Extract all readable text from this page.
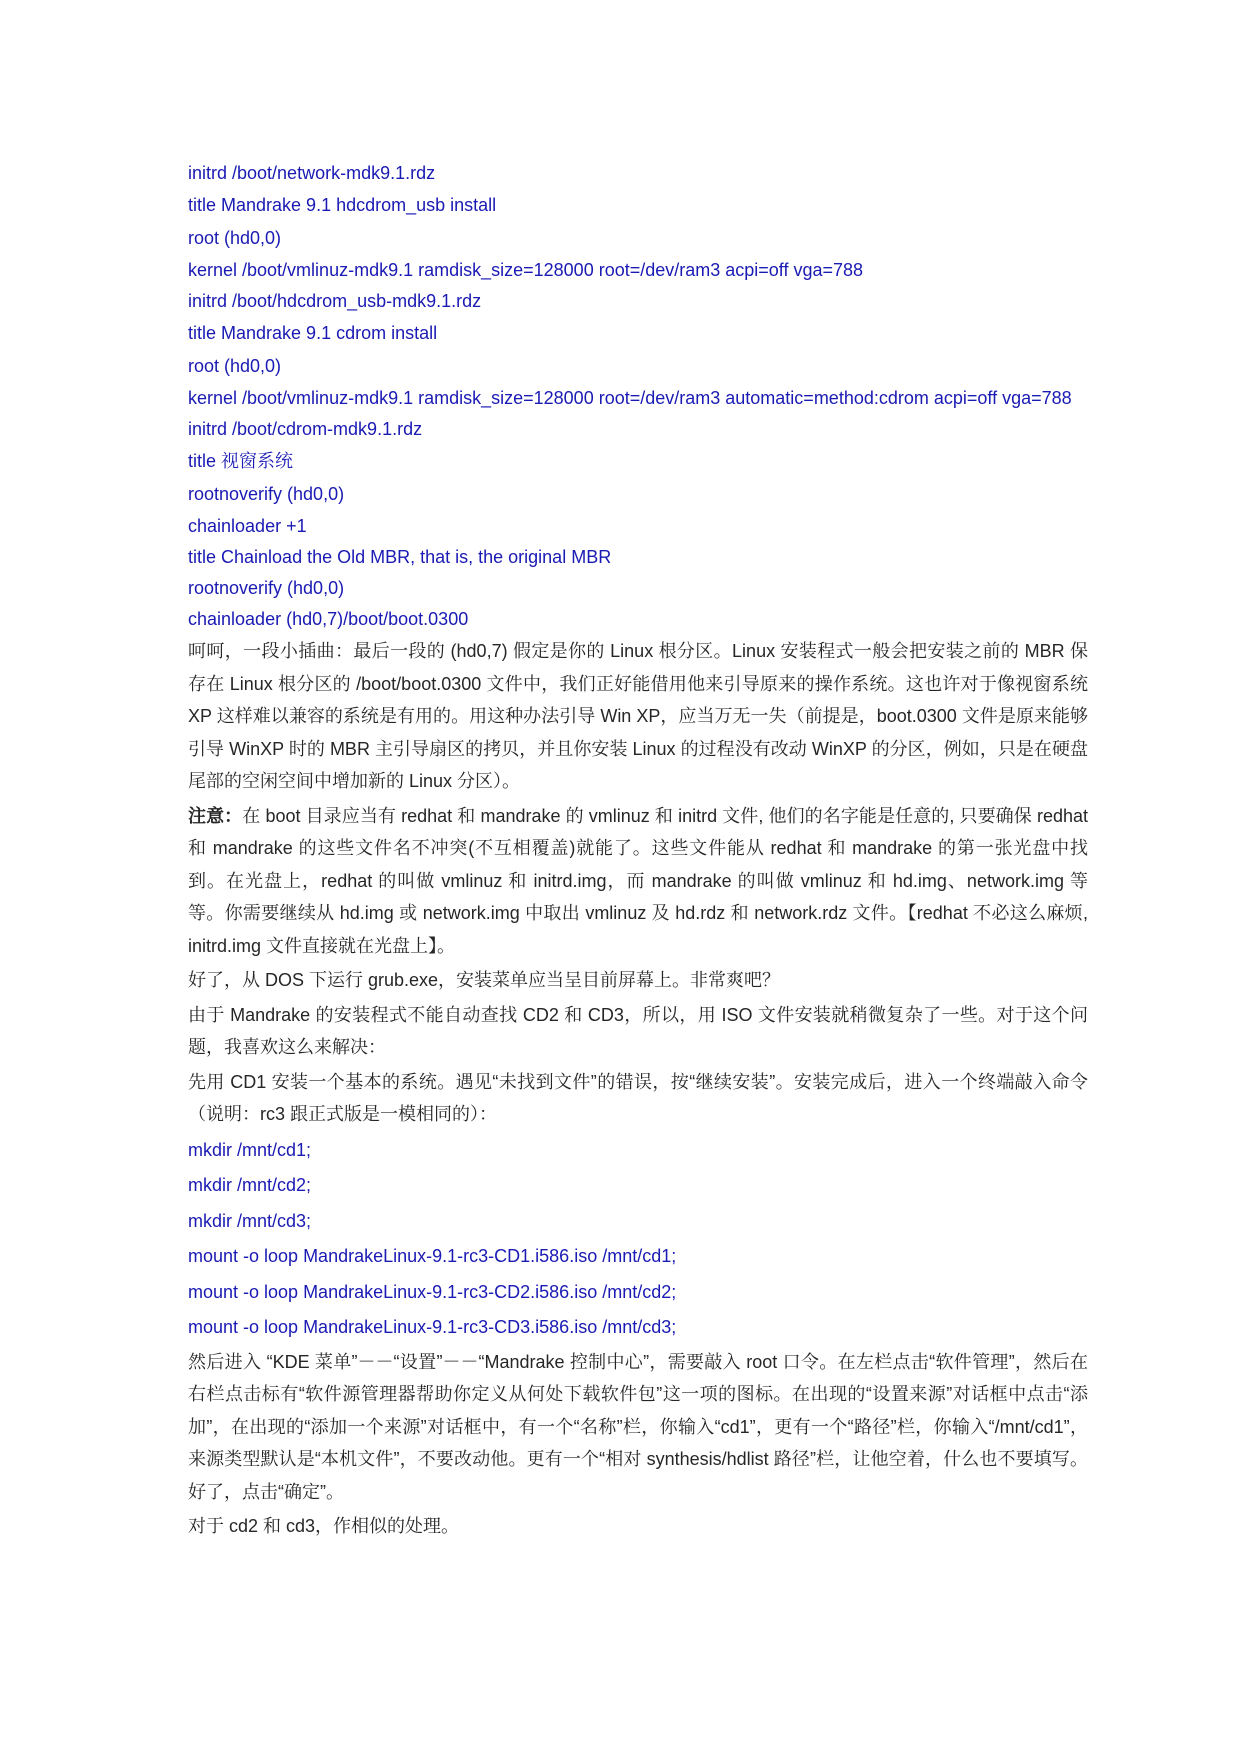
initrd /boot/network-mdk9.1.rdz

title Mandrake 9.1 hdcdrom_usb install

root (hd0,0)

kernel /boot/vmlinuz-mdk9.1 ramdisk_size=128000 root=/dev/ram3 acpi=off vga=788

initrd /boot/hdcdrom_usb-mdk9.1.rdz

title Mandrake 9.1 cdrom install

root (hd0,0)

kernel /boot/vmlinuz-mdk9.1 ramdisk_size=128000 root=/dev/ram3 automatic=method:cdrom acpi=off vga=788

initrd /boot/cdrom-mdk9.1.rdz

title 视窗系统

rootnoverify (hd0,0)

chainloader +1

title Chainload the Old MBR, that is, the original MBR

rootnoverify (hd0,0)

chainloader (hd0,7)/boot/boot.0300

呵呵，一段小插曲：最后一段的 (hd0,7) 假定是你的 Linux 根分区。Linux 安装程式一般会把安装之前的 MBR 保存在 Linux 根分区的 /boot/boot.0300 文件中，我们正好能借用他来引导原来的操作系统。这也许对于像视窗系统 XP 这样难以兼容的系统是有用的。用这种办法引导 Win XP，应当万无一失（前提是，boot.0300 文件是原来能够引导 WinXP 时的 MBR 主引导扇区的拷贝，并且你安装 Linux 的过程没有改动 WinXP 的分区，例如，只是在硬盘尾部的空闲空间中增加新的 Linux 分区）。

注意：在 boot 目录应当有 redhat 和 mandrake 的 vmlinuz 和 initrd 文件, 他们的名字能是任意的, 只要确保 redhat 和 mandrake 的这些文件名不冲突(不互相覆盖)就能了。这些文件能从 redhat 和 mandrake 的第一张光盘中找到。在光盘上，redhat 的叫做 vmlinuz 和 initrd.img，而 mandrake 的叫做 vmlinuz 和 hd.img、network.img 等等。你需要继续从 hd.img 或 network.img 中取出 vmlinuz 及 hd.rdz 和 network.rdz 文件。【redhat 不必这么麻烦, initrd.img 文件直接就在光盘上】。

好了，从 DOS 下运行 grub.exe，安装菜单应当呈目前屏幕上。非常爽吧？

由于 Mandrake 的安装程式不能自动查找 CD2 和 CD3，所以，用 ISO 文件安装就稍微复杂了一些。对于这个问题，我喜欢这么来解决：

先用 CD1 安装一个基本的系统。遇见“未找到文件”的错误，按“继续安装”。安装完成后，进入一个终端敲入命令（说明：rc3 跟正式版是一模相同的）：

mkdir /mnt/cd1;

mkdir /mnt/cd2;

mkdir /mnt/cd3;

mount -o loop MandrakeLinux-9.1-rc3-CD1.i586.iso /mnt/cd1;

mount -o loop MandrakeLinux-9.1-rc3-CD2.i586.iso /mnt/cd2;

mount -o loop MandrakeLinux-9.1-rc3-CD3.i586.iso /mnt/cd3;

然后进入 “KDE 菜单”－－“设置”－－“Mandrake 控制中心”，需要敲入 root 口令。在左栏点击“软件管理”，然后在右栏点击标有“软件源管理器帮助你定义从何处下载软件包”这一项的图标。在出现的“设置来源”对话框中点击“添加”，在出现的“添加一个来源”对话框中，有一个“名称”栏，你输入“cd1”，更有一个“路径”栏，你输入“/mnt/cd1”，来源类型默认是“本机文件”，不要改动他。更有一个“相对 synthesis/hdlist 路径”栏，让他空着，什么也不要填写。好了，点击“确定”。

对于 cd2 和 cd3，作相似的处理。
